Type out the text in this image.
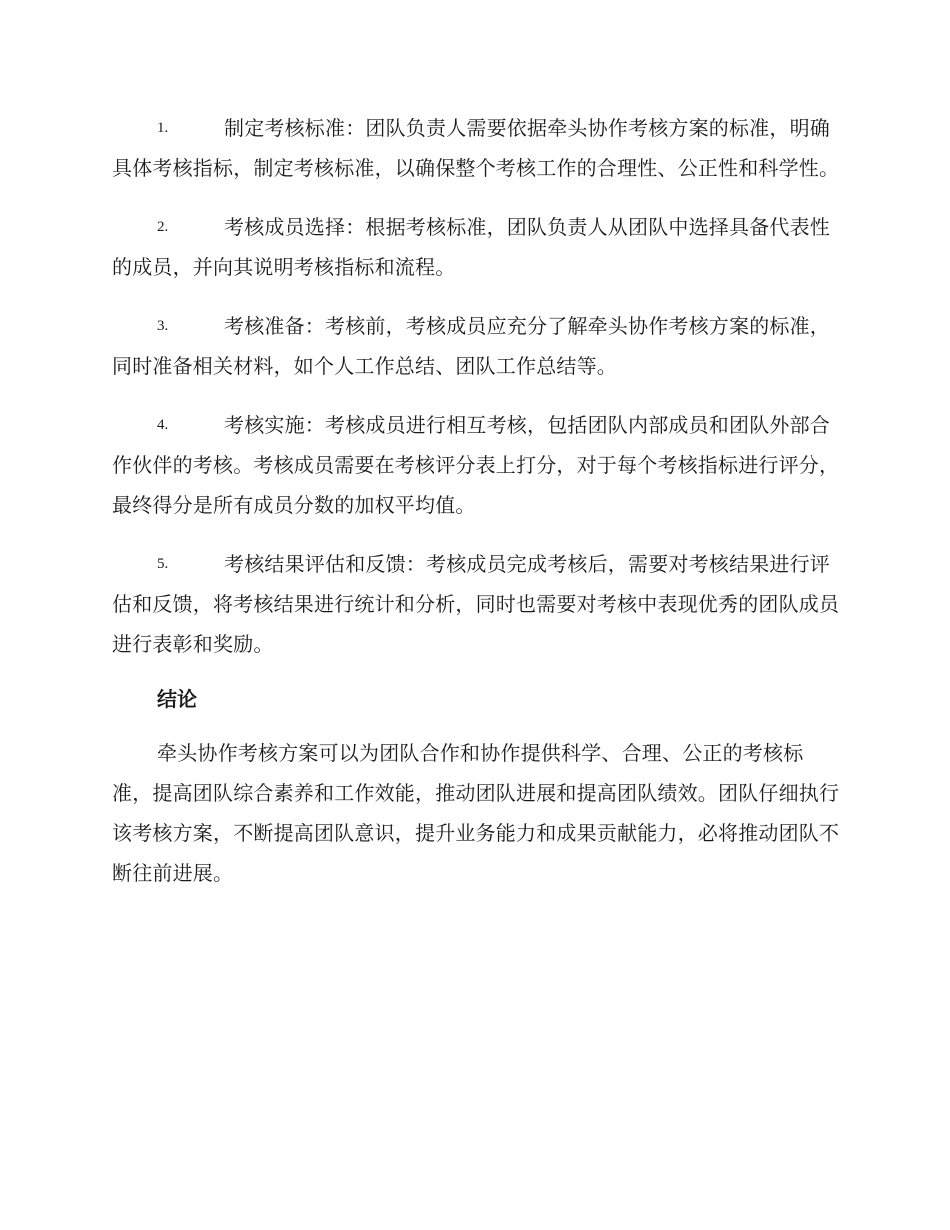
1.	制定考核标准：团队负责人需要依据牵头协作考核方案的标准，明确具体考核指标，制定考核标准，以确保整个考核工作的合理性、公正性和科学性。
2.	考核成员选择：根据考核标准，团队负责人从团队中选择具备代表性的成员，并向其说明考核指标和流程。
3.	考核准备：考核前，考核成员应充分了解牵头协作考核方案的标准，同时准备相关材料，如个人工作总结、团队工作总结等。
4.	考核实施：考核成员进行相互考核，包括团队内部成员和团队外部合作伙伴的考核。考核成员需要在考核评分表上打分，对于每个考核指标进行评分，最终得分是所有成员分数的加权平均值。
5.	考核结果评估和反馈：考核成员完成考核后，需要对考核结果进行评估和反馈，将考核结果进行统计和分析，同时也需要对考核中表现优秀的团队成员进行表彰和奖励。
结论

牵头协作考核方案可以为团队合作和协作提供科学、合理、公正的考核标准，提高团队综合素养和工作效能，推动团队进展和提高团队绩效。团队仔细执行该考核方案，不断提高团队意识，提升业务能力和成果贡献能力，必将推动团队不断往前进展。
